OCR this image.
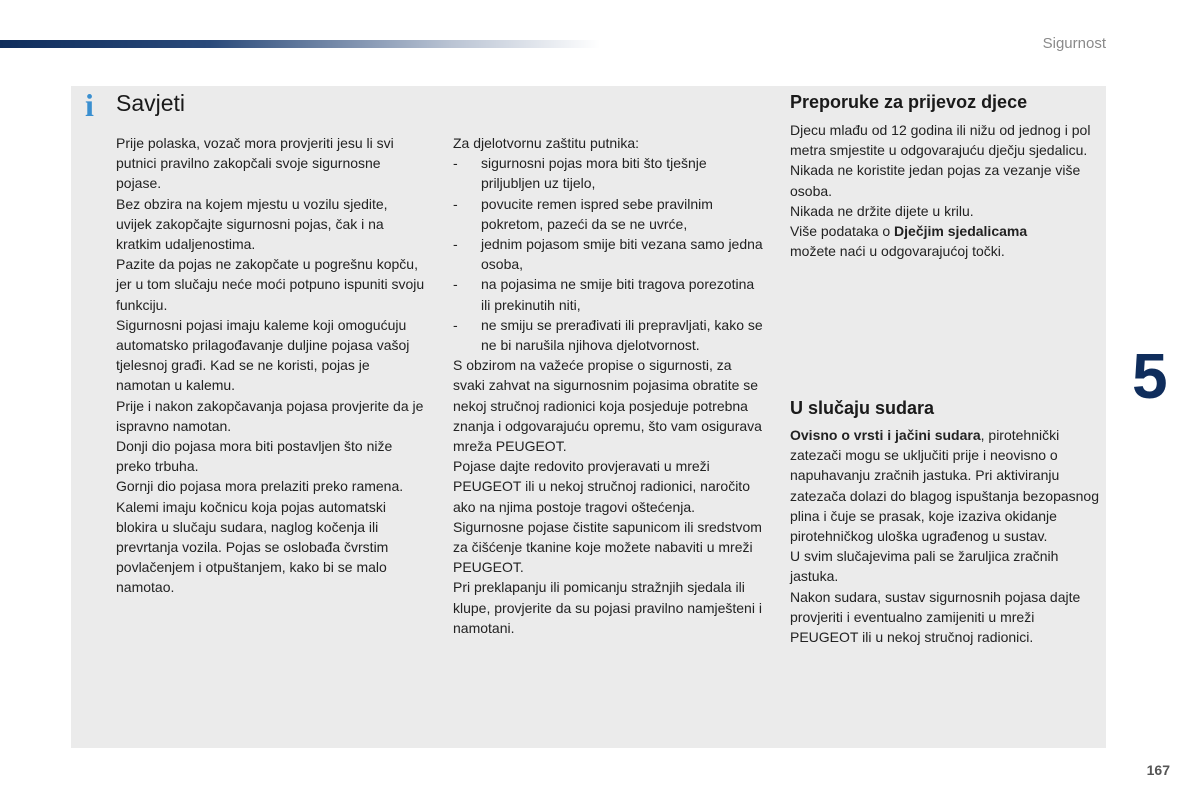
Sigurnost
i Savjeti

Prije polaska, vozač mora provjeriti jesu li svi putnici pravilno zakopčali svoje sigurnosne pojase.

Bez obzira na kojem mjestu u vozilu sjedite, uvijek zakopčajte sigurnosni pojas, čak i na kratkim udaljenostima.

Pazite da pojas ne zakopčate u pogrešnu kopču, jer u tom slučaju neće moći potpuno ispuniti svoju funkciju.

Sigurnosni pojasi imaju kaleme koji omogućuju automatsko prilagođavanje duljine pojasa vašoj tjelesnoj građi. Kad se ne koristi, pojas je namotan u kalemu.

Prije i nakon zakopčavanja pojasa provjerite da je ispravno namotan.

Donji dio pojasa mora biti postavljen što niže preko trbuha.

Gornji dio pojasa mora prelaziti preko ramena.

Kalemi imaju kočnicu koja pojas automatski blokira u slučaju sudara, naglog kočenja ili prevrtanja vozila. Pojas se oslobađa čvrstim povlačenjem i otpuštanjem, kako bi se malo namotao.

Za djelotvornu zaštitu putnika:

- sigurnosni pojas mora biti što tješnje priljubljen uz tijelo,
- povucite remen ispred sebe pravilnim pokretom, pazeći da se ne uvrće,
- jednim pojasom smije biti vezana samo jedna osoba,
- na pojasima ne smije biti tragova porezotina ili prekinutih niti,
- ne smiju se prerađivati ili prepravljati, kako se ne bi narušila njihova djelotvornost.

S obzirom na važeće propise o sigurnosti, za svaki zahvat na sigurnosnim pojasima obratite se nekoj stručnoj radionici koja posjeduje potrebna znanja i odgovarajuću opremu, što vam osigurava mreža PEUGEOT.

Pojase dajte redovito provjeravati u mreži PEUGEOT ili u nekoj stručnoj radionici, naročito ako na njima postoje tragovi oštećenja.

Sigurnosne pojase čistite sapunicom ili sredstvom za čišćenje tkanine koje možete nabaviti u mreži PEUGEOT.

Pri preklapanju ili pomicanju stražnjih sjedala ili klupe, provjerite da su pojasi pravilno namješteni i namotani.

Preporuke za prijevoz djece

Djecu mlađu od 12 godina ili nižu od jednog i pol metra smjestite u odgovarajuću dječju sjedalicu.

Nikada ne koristite jedan pojas za vezanje više osoba.

Nikada ne držite dijete u krilu.

Više podataka o Dječjim sjedalicama
možete naći u odgovarajućoj točki.

U slučaju sudara

Ovisno o vrsti i jačini sudara, pirotehnički zatezači mogu se uključiti prije i neovisno o napuhavanju zračnih jastuka. Pri aktiviranju zatezača dolazi do blagog ispuštanja bezopasnog plina i čuje se prasak, koje izaziva okidanje pirotehničkog uloška ugrađenog u sustav.

U svim slučajevima pali se žaruljica zračnih jastuka.

Nakon sudara, sustav sigurnosnih pojasa dajte provjeriti i eventualno zamijeniti u mreži PEUGEOT ili u nekoj stručnoj radionici.

5
167
